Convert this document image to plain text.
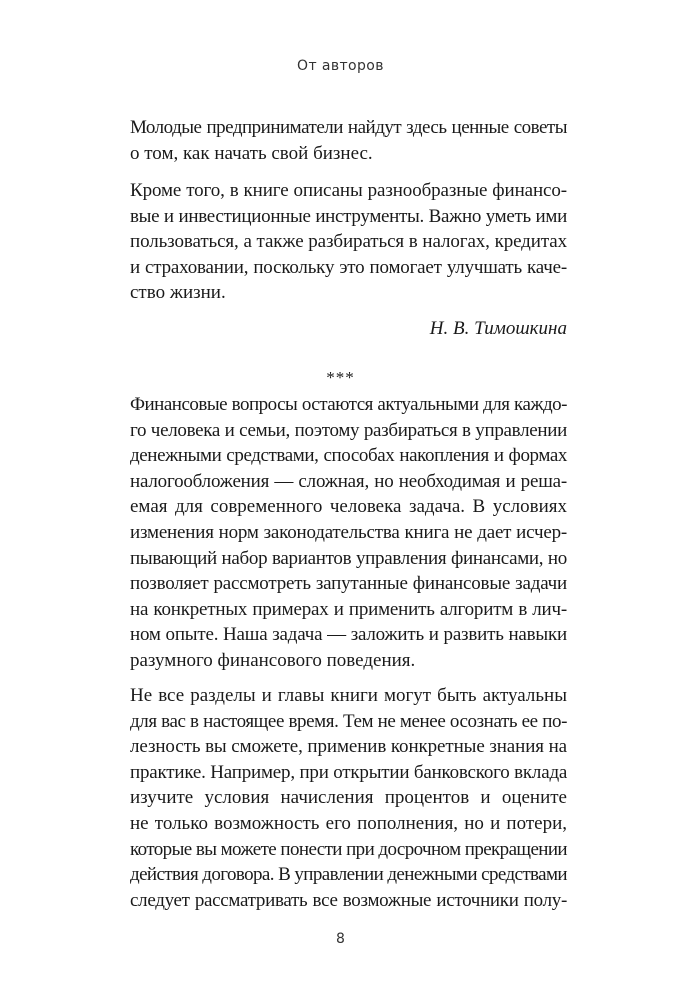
От авторов
Молодые предприниматели найдут здесь ценные советы
о том, как начать свой бизнес.
Кроме того, в книге описаны разнообразные финансо-
вые и инвестиционные инструменты. Важно уметь ими
пользоваться, а также разбираться в налогах, кредитах
и страховании, поскольку это помогает улучшать каче-
ство жизни.
Н. В. Тимошкина
***
Финансовые вопросы остаются актуальными для каждо-
го человека и семьи, поэтому разбираться в управлении
денежными средствами, способах накопления и формах
налогообложения — сложная, но необходимая и реша-
емая для современного человека задача. В условиях
изменения норм законодательства книга не дает исчер-
пывающий набор вариантов управления финансами, но
позволяет рассмотреть запутанные финансовые задачи
на конкретных примерах и применить алгоритм в лич-
ном опыте. Наша задача — заложить и развить навыки
разумного финансового поведения.
Не все разделы и главы книги могут быть актуальны
для вас в настоящее время. Тем не менее осознать ее по-
лезность вы сможете, применив конкретные знания на
практике. Например, при открытии банковского вклада
изучите условия начисления процентов и оцените
не только возможность его пополнения, но и потери,
которые вы можете понести при досрочном прекращении
действия договора. В управлении денежными средствами
следует рассматривать все возможные источники полу-
8
